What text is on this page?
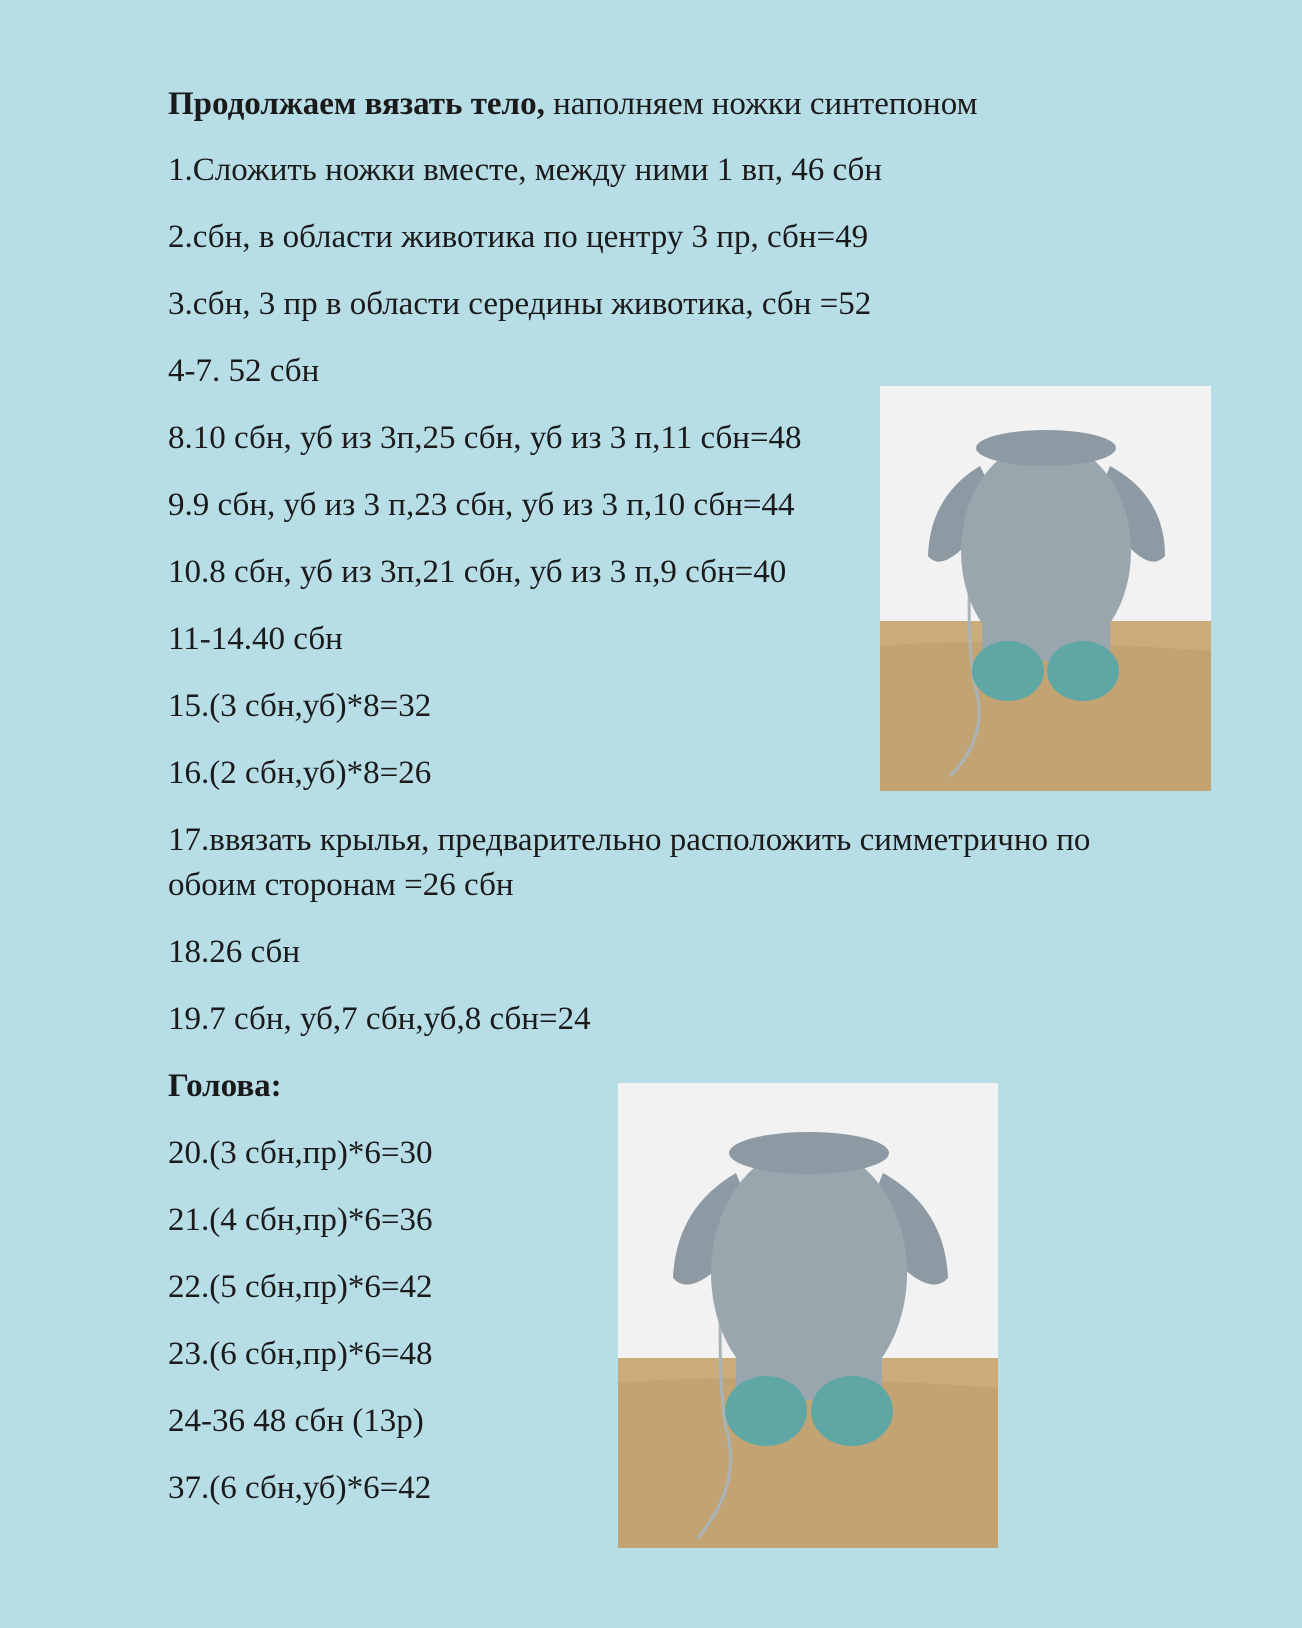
Продолжаем вязать тело, наполняем ножки синтепоном
1.Сложить ножки вместе, между ними 1 вп, 46 сбн
2.сбн, в области животика по центру 3 пр, сбн=49
3.сбн, 3 пр в области середины животика, сбн =52
4-7. 52 сбн
8.10 сбн, уб из 3п,25 сбн, уб из 3 п,11 сбн=48
9.9 сбн, уб из 3 п,23 сбн, уб из 3 п,10 сбн=44
10.8 сбн, уб из 3п,21 сбн, уб из 3 п,9 сбн=40
11-14.40 сбн
15.(3 сбн,уб)*8=32
16.(2 сбн,уб)*8=26
17.ввязать крылья, предварительно расположить симметрично по
обоим сторонам =26 сбн
18.26 сбн
19.7 сбн, уб,7 сбн,уб,8 сбн=24
Голова:
20.(3 сбн,пр)*6=30
21.(4 сбн,пр)*6=36
22.(5 сбн,пр)*6=42
23.(6 сбн,пр)*6=48
24-36 48 сбн (13р)
37.(6 сбн,уб)*6=42
